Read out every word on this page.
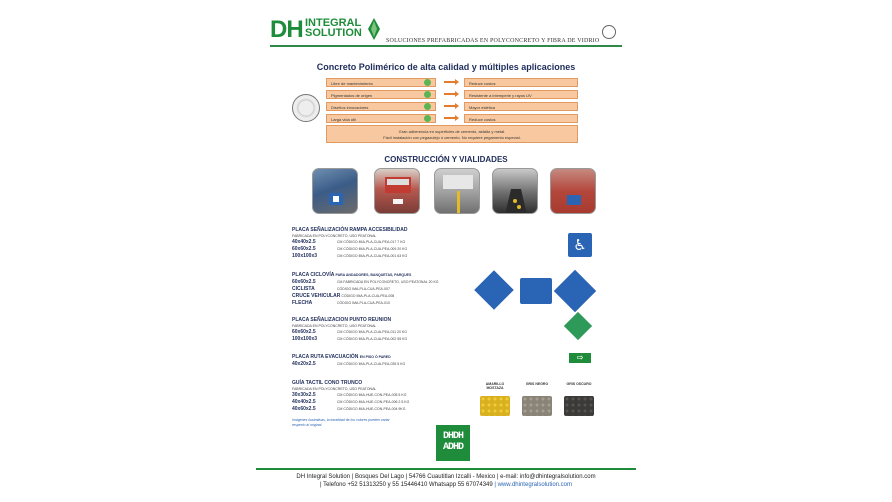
DH INTEGRAL
SOLUTION
SOLUCIONES PREFABRICADAS EN POLYCONCRETO Y FIBRA DE VIDRIO
Concreto Polimérico de alta calidad y múltiples aplicaciones
Libre de mantenimiento	Reduce costos
Pigmentados de origen	Resistente a intemperie y rayos UV
Diseños innovadores	Mayor estética
Larga vida útil	Reduce costos
Gran adherencia en superficies de cemento, asfalto y metal.
Fácil instalación con pegazulejo ó cemento. No requiere pegamento especial.
CONSTRUCCIÓN Y VIALIDADES
PLACA SEÑALIZACIÓN RAMPA ACCESIBILIDAD
FABRICADA EN POLYCONCRETO, USO PEATONAL
40x40x2.5	CM CÓDIGO IMA-PLA-CUA-PEA-017 7 KG
60x60x2.5	CM CÓDIGO IMA-PLA-CUA-PEA-009 20 KG
100x100x3	CM CÓDIGO IMA-PLA-CUA-PEA-001 63 KG
♿
PLACA CICLOVÍA PARA ANDADORES, BANQUETAS, PARQUES
60x60x2.5	CM FABRICADA EN POLYCONCRETO, USO PEATONAL 20 KG
CICLISTA	CÓDIGO IMA-PLA-CUA-PEA-007
CRUCE VEHICULAR CÓDIGO IMA-PLA-CUA-PEA-008
FLECHA	CÓDIGO IMA-PLA-CUA-PEA-010
PLACA SEÑALIZACION PUNTO REUNION
FABRICADA EN POLYCONCRETO, USO PEATONAL
60x60x2.5	CM CÓDIGO IMA-PLA-CUA-PEA-011 20 KG
100x100x3	CM CÓDIGO IMA-PLA-CUA-PEA-002 55 KG
PLACA RUTA EVACUACIÓN EN PISO Ó PARED
40x20x2.5	CM CÓDIGO IMA-PLA-CUA-PEA-035 5 KG
⇨
GUÍA TACTIL CONO TRUNCO
FABRICADA EN POLYCONCRETO, USO PEATONAL
30x30x2.5	CM CÓDIGO IMA-HUE-CON-PEA-005 5 KG
40x40x2.5	CM CÓDIGO IMA-HUE-CON-PEA-006 2.5 KG
40x60x2.5	CM CÓDIGO IMA-HUE-CON-PEA-004 9KG
AMARILLO MOSTAZA
GRIS NEGRO	GRIS OSCURO
Imágenes ilustrativas, la tonalidad de los colores pueden variar respecto al original
DHDH
ADHD
DH Integral Solution | Bosques Del Lago | 54766 Cuautitlan Izcalli - Mexico | e-mail: info@dhintegralsolution.com
| Telefono +52 51313250 y 55 15446410 Whatsapp 55 67074349 | www.dhintegralsolution.com
